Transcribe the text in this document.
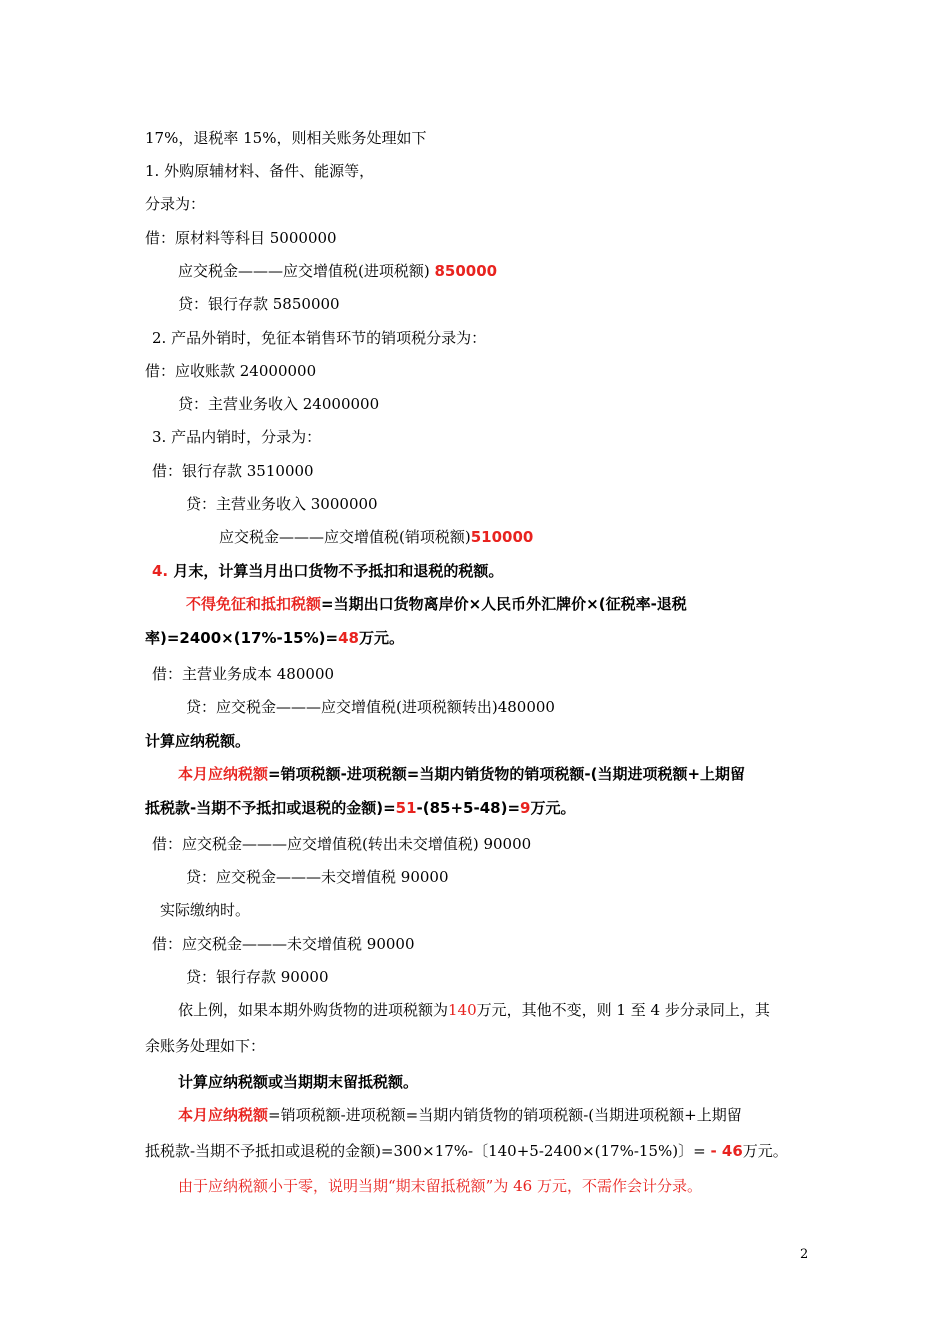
17%，退税率 15%，则相关账务处理如下
1. 外购原辅材料、备件、能源等，
分录为：
借：原材料等科目 5000000
应交税金———应交增值税(进项税额) 850000
贷：银行存款 5850000
2. 产品外销时，免征本销售环节的销项税分录为：
借：应收账款 24000000
贷：主营业务收入 24000000
3. 产品内销时，分录为：
借：银行存款 3510000
贷：主营业务收入 3000000
应交税金———应交增值税(销项税额)510000
4. 月末，计算当月出口货物不予抵扣和退税的税额。
不得免征和抵扣税额=当期出口货物离岸价×人民币外汇牌价×(征税率-退税
率)=2400×(17%-15%)=48万元。
借：主营业务成本 480000
贷：应交税金———应交增值税(进项税额转出)480000
计算应纳税额。
本月应纳税额=销项税额-进项税额=当期内销货物的销项税额-(当期进项税额+上期留
抵税款-当期不予抵扣或退税的金额)=51-(85+5-48)=9万元。
借：应交税金———应交增值税(转出未交增值税) 90000
贷：应交税金———未交增值税 90000
实际缴纳时。
借：应交税金———未交增值税 90000
贷：银行存款 90000
依上例，如果本期外购货物的进项税额为140万元，其他不变，则 1 至 4 步分录同上，其
余账务处理如下：
计算应纳税额或当期期末留抵税额。
本月应纳税额=销项税额-进项税额=当期内销货物的销项税额-(当期进项税额+上期留
抵税款-当期不予抵扣或退税的金额)=300×17%-〔140+5-2400×(17%-15%)〕= - 46万元。
由于应纳税额小于零，说明当期“期末留抵税额”为 46 万元，不需作会计分录。
2
